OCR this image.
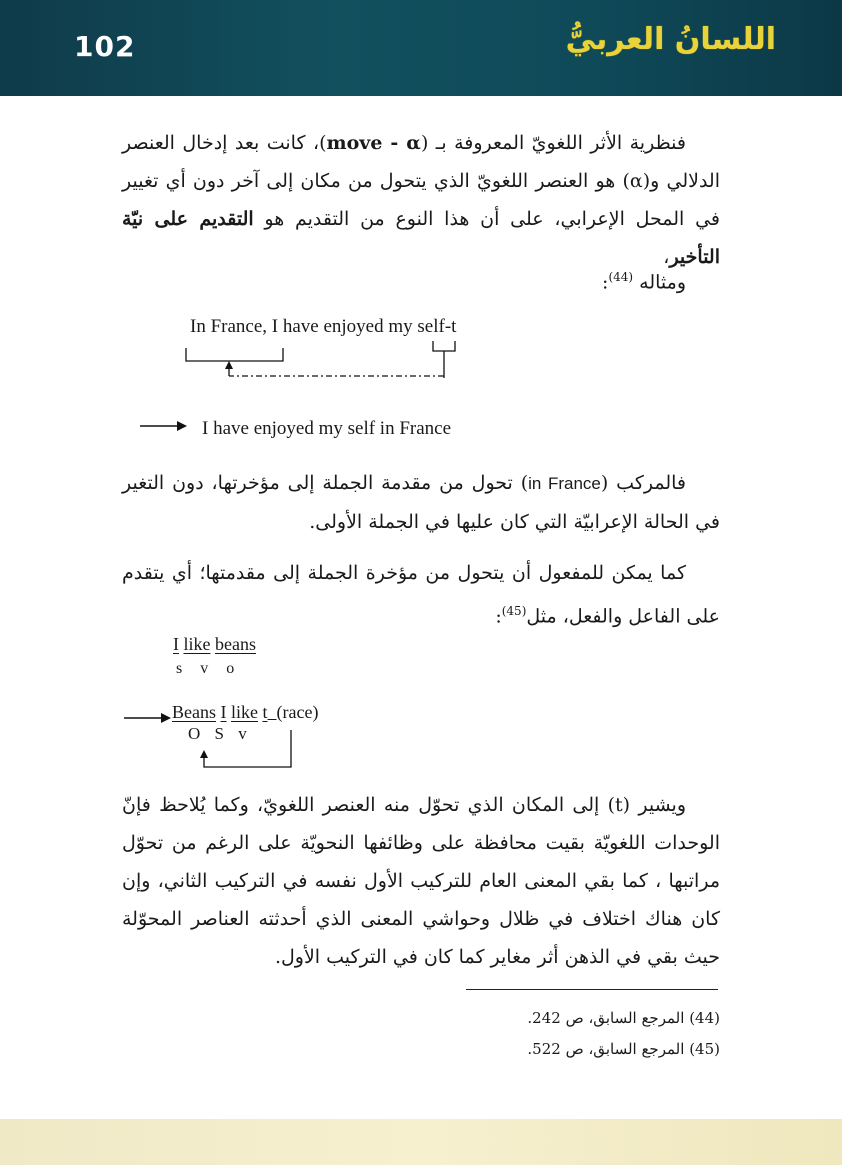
102	اللسانُ العربيُّ
فنظرية الأثر اللغويّ المعروفة بـ (move - α)، كانت بعد إدخال العنصر الدلالي و(α) هو العنصر اللغويّ الذي يتحول من مكان إلى آخر دون أي تغيير في المحل الإعرابي، على أن هذا النوع من التقديم هو التقديم على نيّة التأخير،
ومثاله $^{(44)}$:
In France, I have enjoyed my self-t
I have enjoyed my self in France
فالمركب (in France) تحول من مقدمة الجملة إلى مؤخرتها، دون التغير في الحالة الإعرابيّة التي كان عليها في الجملة الأولى.
كما يمكن للمفعول أن يتحول من مؤخرة الجملة إلى مقدمتها؛ أي يتقدم على الفاعل والفعل، مثل$^{(45)}$:
I like beans
s v o
Beans I like t (race)
O S v
ويشير (t) إلى المكان الذي تحوّل منه العنصر اللغويّ، وكما يُلاحظ فإنّ الوحدات اللغويّة بقيت محافظة على وظائفها النحويّة على الرغم من تحوّل مراتبها ، كما بقي المعنى العام للتركيب الأول نفسه في التركيب الثاني، وإن كان هناك اختلاف في ظلال وحواشي المعنى الذي أحدثته العناصر المحوّلة حيث بقي في الذهن أثر مغاير كما كان في التركيب الأول.
(44) المرجع السابق، ص 242.
(45) المرجع السابق، ص 522.
